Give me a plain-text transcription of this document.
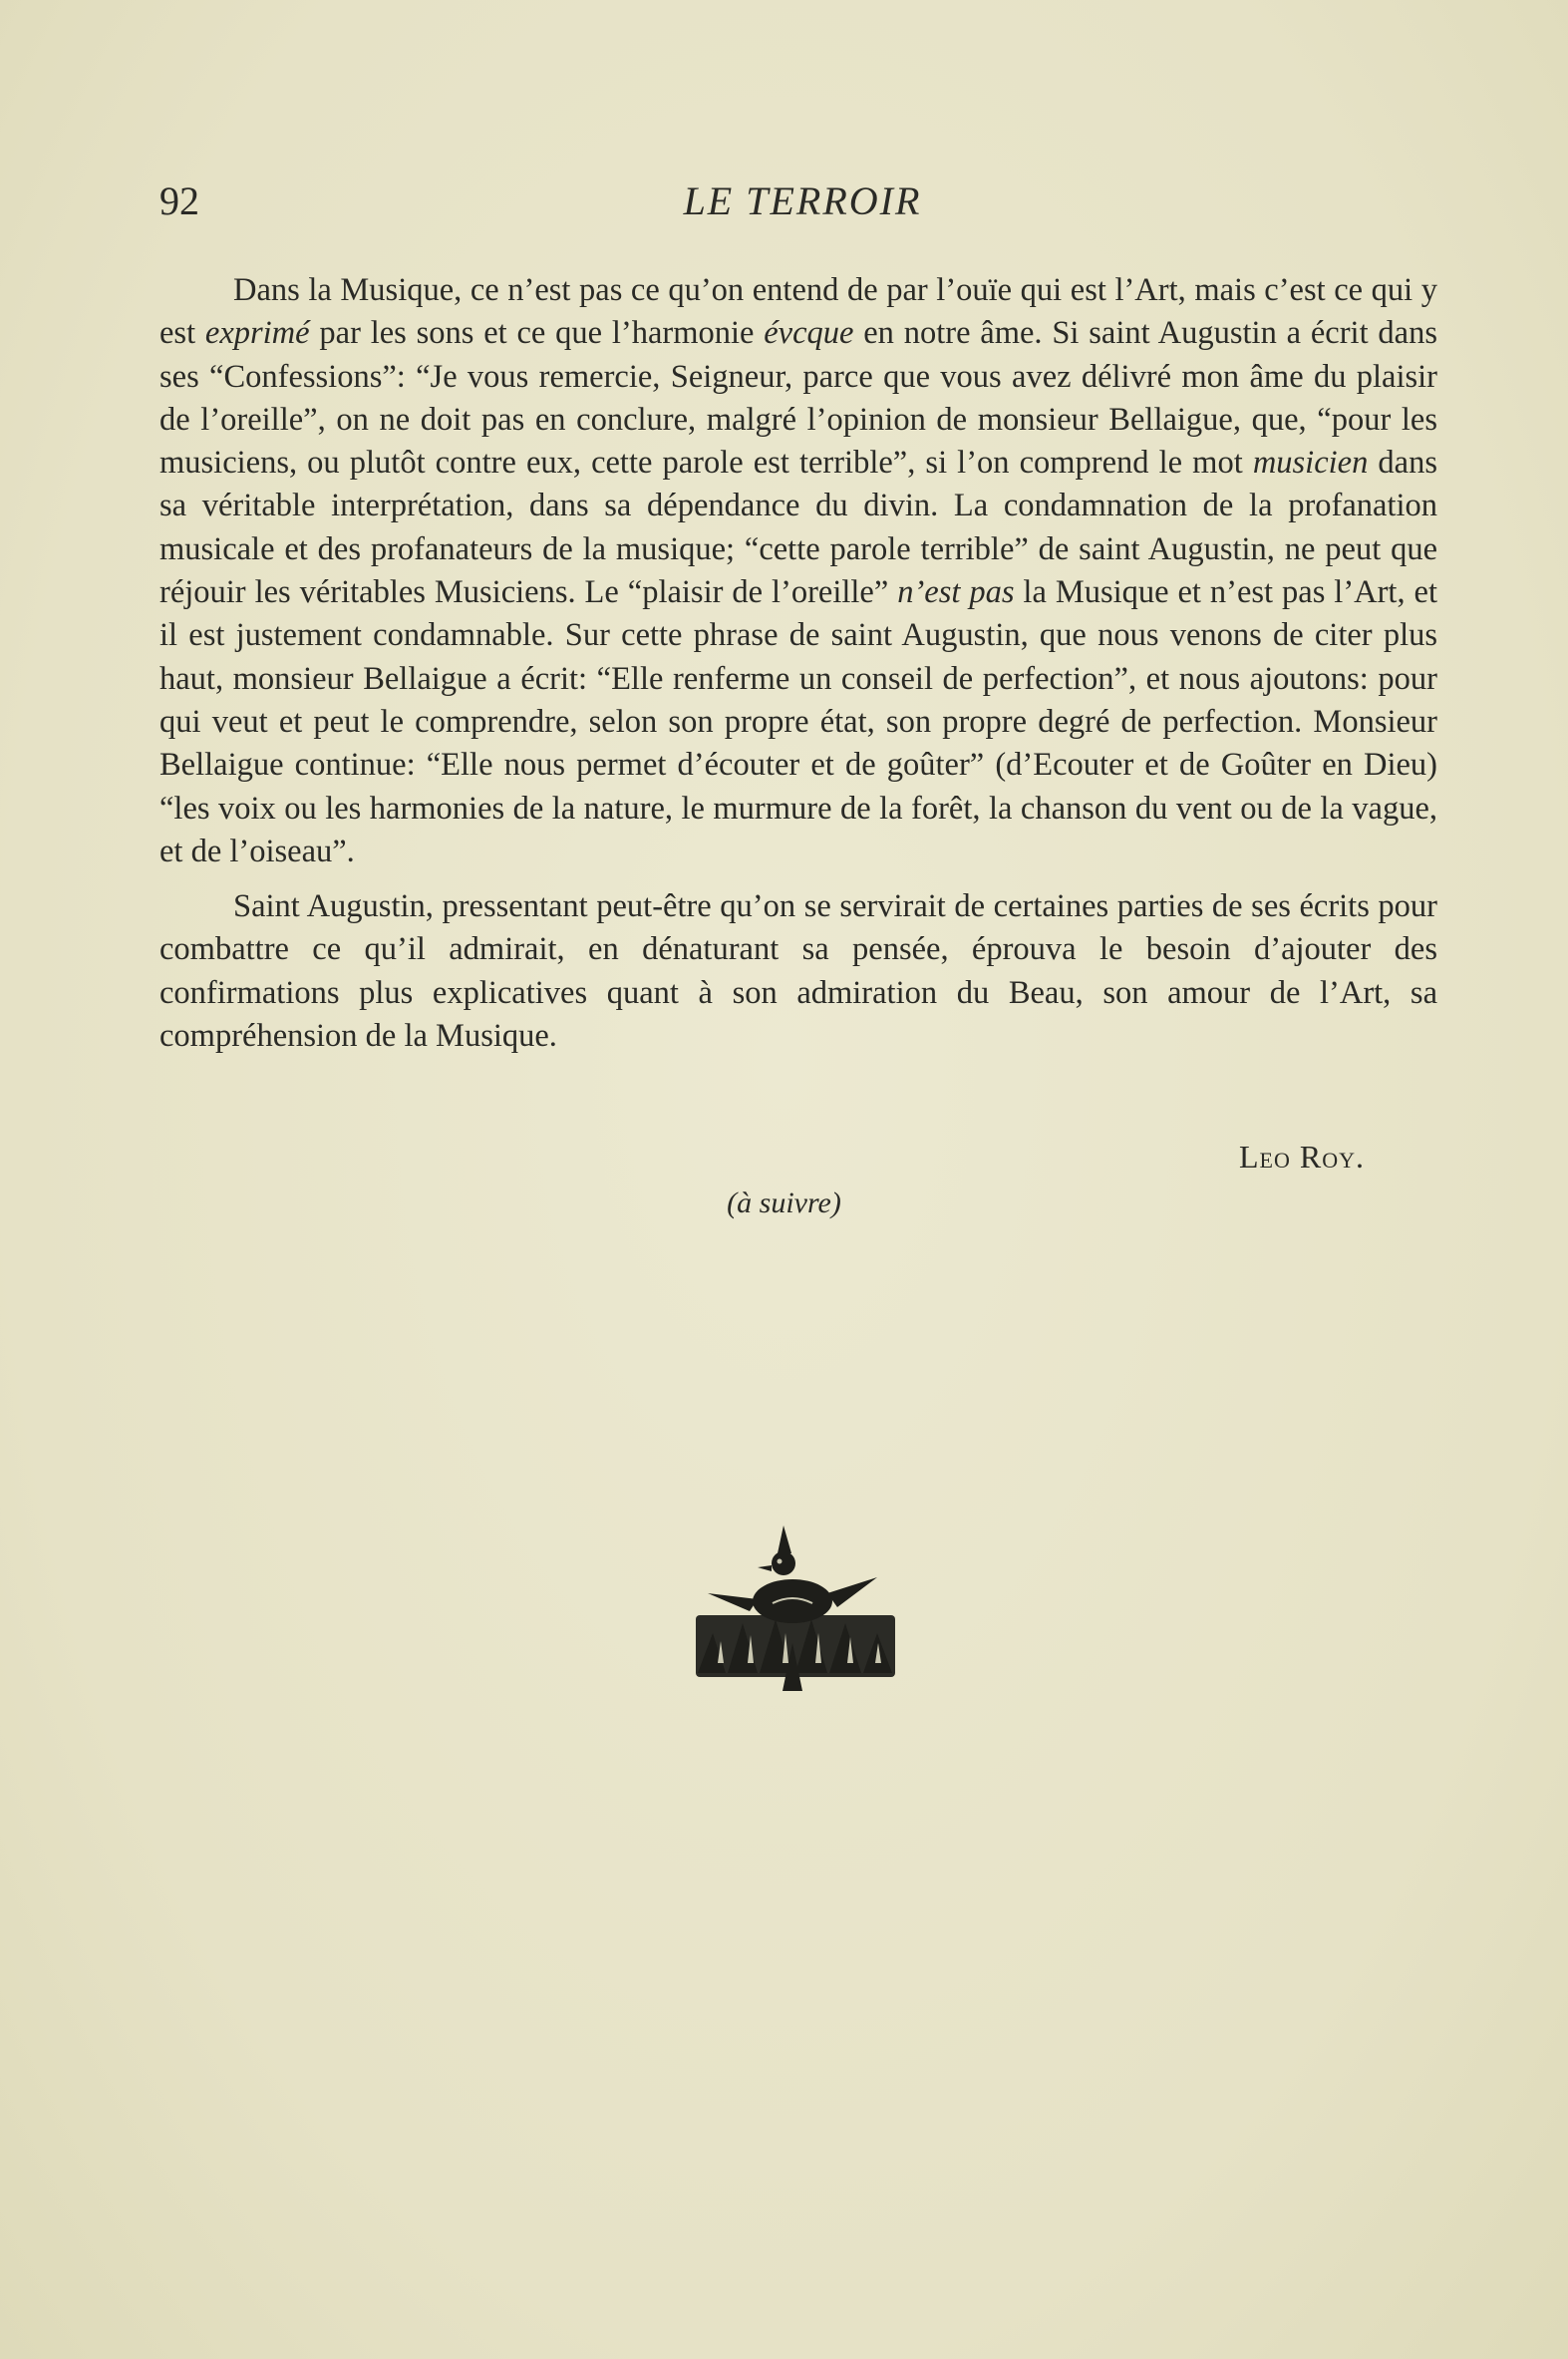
92	LE TERROIR

Dans la Musique, ce n’est pas ce qu’on entend de par l’ouïe qui est l’Art, mais c’est ce qui y est exprimé par les sons et ce que l’harmonie évcque en notre âme. Si saint Augustin a écrit dans ses “Confessions”: “Je vous remercie, Seigneur, parce que vous avez délivré mon âme du plaisir de l’oreille”, on ne doit pas en conclure, malgré l’opinion de monsieur Bellaigue, que, “pour les musiciens, ou plutôt contre eux, cette parole est terrible”, si l’on comprend le mot musicien dans sa véritable interprétation, dans sa dépendance du divin. La condamnation de la profanation musicale et des profanateurs de la musique; “cette parole terrible” de saint Augustin, ne peut que réjouir les véritables Musiciens. Le “plaisir de l’oreille” n’est pas la Musique et n’est pas l’Art, et il est justement condamnable. Sur cette phrase de saint Augustin, que nous venons de citer plus haut, monsieur Bellaigue a écrit: “Elle renferme un conseil de perfection”, et nous ajoutons: pour qui veut et peut le comprendre, selon son propre état, son propre degré de perfection. Monsieur Bellaigue continue: “Elle nous permet d’écouter et de goûter” (d’Ecouter et de Goûter en Dieu) “les voix ou les harmonies de la nature, le murmure de la forêt, la chanson du vent ou de la vague, et de l’oiseau”.

Saint Augustin, pressentant peut-être qu’on se servirait de certaines parties de ses écrits pour combattre ce qu’il admirait, en dénaturant sa pensée, éprouva le besoin d’ajouter des confirmations plus explicatives quant à son admiration du Beau, son amour de l’Art, sa compréhension de la Musique.

Leo Roy.
(à suivre)
